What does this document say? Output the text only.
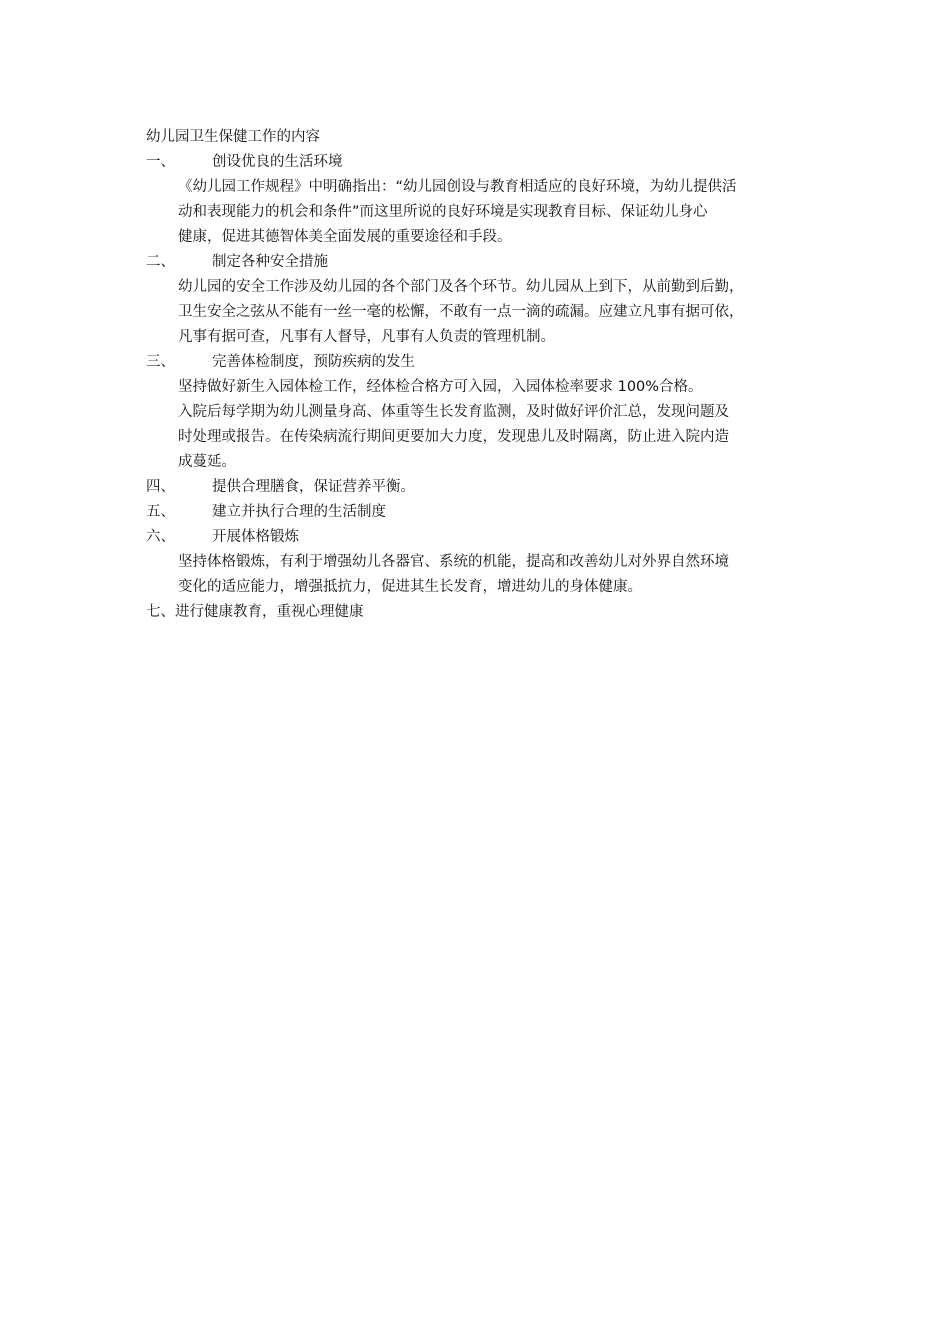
幼儿园卫生保健工作的内容
一、	创设优良的生活环境
《幼儿园工作规程》中明确指出：“幼儿园创设与教育相适应的良好环境，为幼儿提供活
动和表现能力的机会和条件”而这里所说的良好环境是实现教育目标、保证幼儿身心
健康，促进其德智体美全面发展的重要途径和手段。
二、	制定各种安全措施
幼儿园的安全工作涉及幼儿园的各个部门及各个环节。幼儿园从上到下，从前勤到后勤，
卫生安全之弦从不能有一丝一毫的松懈，不敢有一点一滴的疏漏。应建立凡事有据可依，
凡事有据可查，凡事有人督导，凡事有人负责的管理机制。
三、	完善体检制度，预防疾病的发生
坚持做好新生入园体检工作，经体检合格方可入园，入园体检率要求 100%合格。
入院后每学期为幼儿测量身高、体重等生长发育监测，及时做好评价汇总，发现问题及
时处理或报告。在传染病流行期间更要加大力度，发现患儿及时隔离，防止进入院内造
成蔓延。
四、	提供合理膳食，保证营养平衡。
五、	建立并执行合理的生活制度
六、	开展体格锻炼
坚持体格锻炼，有利于增强幼儿各器官、系统的机能，提高和改善幼儿对外界自然环境
变化的适应能力，增强抵抗力，促进其生长发育，增进幼儿的身体健康。
七、进行健康教育，重视心理健康
